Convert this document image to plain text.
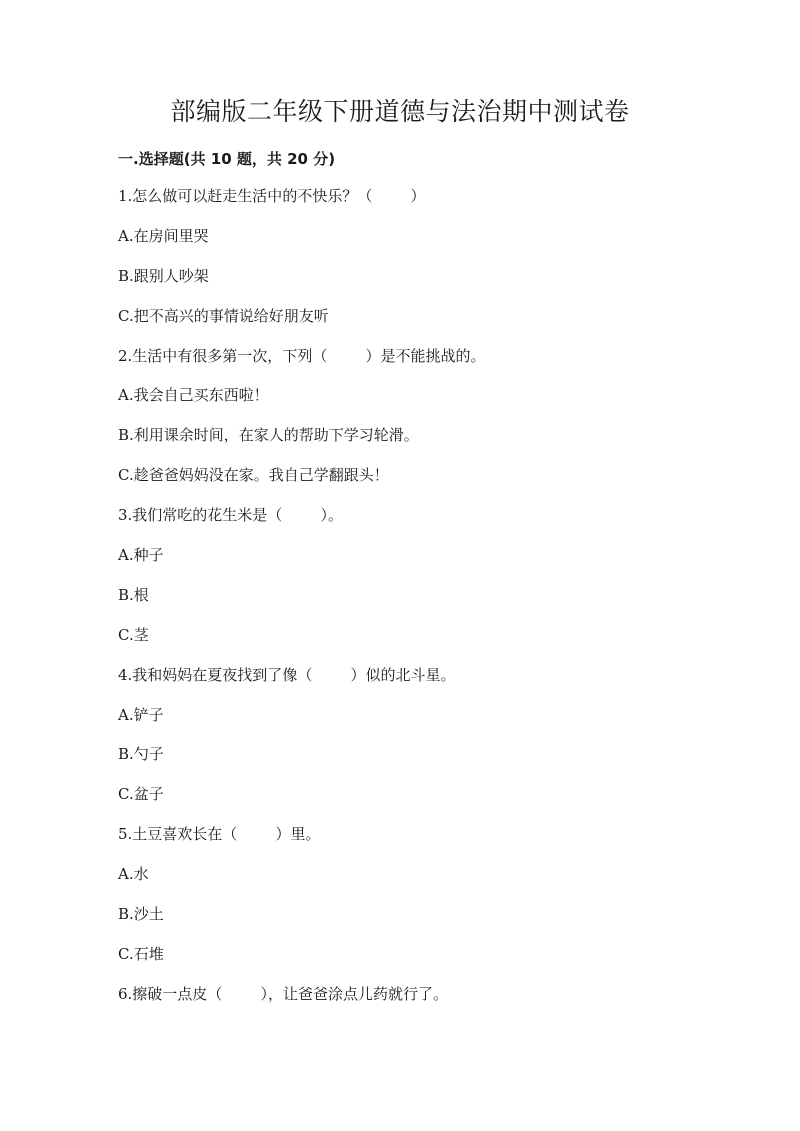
部编版二年级下册道德与法治期中测试卷
一.选择题(共 10 题，共 20 分)
1.怎么做可以赶走生活中的不快乐？（        ）
A.在房间里哭
B.跟别人吵架
C.把不高兴的事情说给好朋友听
2.生活中有很多第一次，下列（        ）是不能挑战的。
A.我会自己买东西啦！
B.利用课余时间，在家人的帮助下学习轮滑。
C.趁爸爸妈妈没在家。我自己学翻跟头！
3.我们常吃的花生米是（        ）。
A.种子
B.根
C.茎
4.我和妈妈在夏夜找到了像（        ）似的北斗星。
A.铲子
B.勺子
C.盆子
5.土豆喜欢长在（        ）里。
A.水
B.沙土
C.石堆
6.擦破一点皮（        ），让爸爸涂点儿药就行了。
